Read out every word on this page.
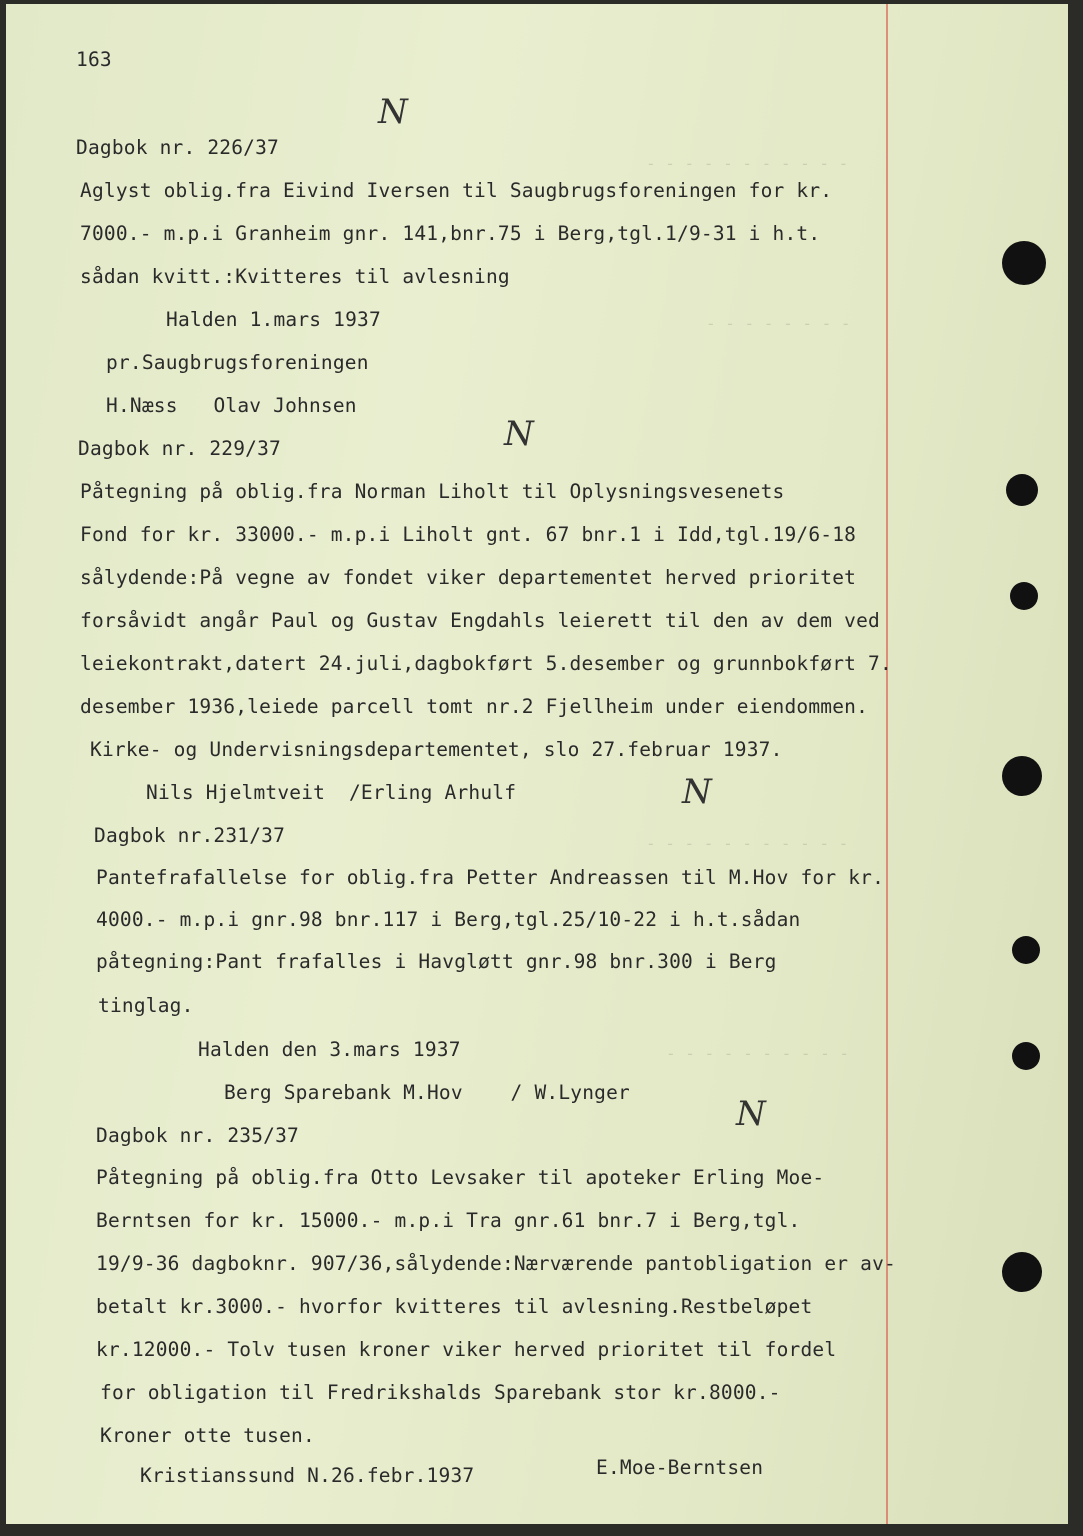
- - - - - - - - - - -
- - - - - - - -
- - - - - - - - - - -
- - - - - - - - - -
N
N
N
N
163
Dagbok nr. 226/37
Aglyst oblig.fra Eivind Iversen til Saugbrugsforeningen for kr.
7000.- m.p.i Granheim gnr. 141,bnr.75 i Berg,tgl.1/9-31 i h.t.
sådan kvitt.:Kvitteres til avlesning
Halden 1.mars 1937
pr.Saugbrugsforeningen
H.Næss   Olav Johnsen
Dagbok nr. 229/37
Påtegning på oblig.fra Norman Liholt til Oplysningsvesenets
Fond for kr. 33000.- m.p.i Liholt gnt. 67 bnr.1 i Idd,tgl.19/6-18
sålydende:På vegne av fondet viker departementet herved prioritet
forsåvidt angår Paul og Gustav Engdahls leierett til den av dem ved
leiekontrakt,datert 24.juli,dagbokført 5.desember og grunnbokført 7.
desember 1936,leiede parcell tomt nr.2 Fjellheim under eiendommen.
Kirke- og Undervisningsdepartementet, slo 27.februar 1937.
Nils Hjelmtveit  /Erling Arhulf
Dagbok nr.231/37
Pantefrafallelse for oblig.fra Petter Andreassen til M.Hov for kr.
4000.- m.p.i gnr.98 bnr.117 i Berg,tgl.25/10-22 i h.t.sådan
påtegning:Pant frafalles i Havgløtt gnr.98 bnr.300 i Berg
tinglag.
Halden den 3.mars 1937
Berg Sparebank M.Hov    / W.Lynger
Dagbok nr. 235/37
Påtegning på oblig.fra Otto Levsaker til apoteker Erling Moe-
Berntsen for kr. 15000.- m.p.i Tra gnr.61 bnr.7 i Berg,tgl.
19/9-36 dagboknr. 907/36,sålydende:Nærværende pantobligation er av-
betalt kr.3000.- hvorfor kvitteres til avlesning.Restbeløpet
kr.12000.- Tolv tusen kroner viker herved prioritet til fordel
for obligation til Fredrikshalds Sparebank stor kr.8000.-
Kroner otte tusen.
Kristianssund N.26.febr.1937	E.Moe-Berntsen
